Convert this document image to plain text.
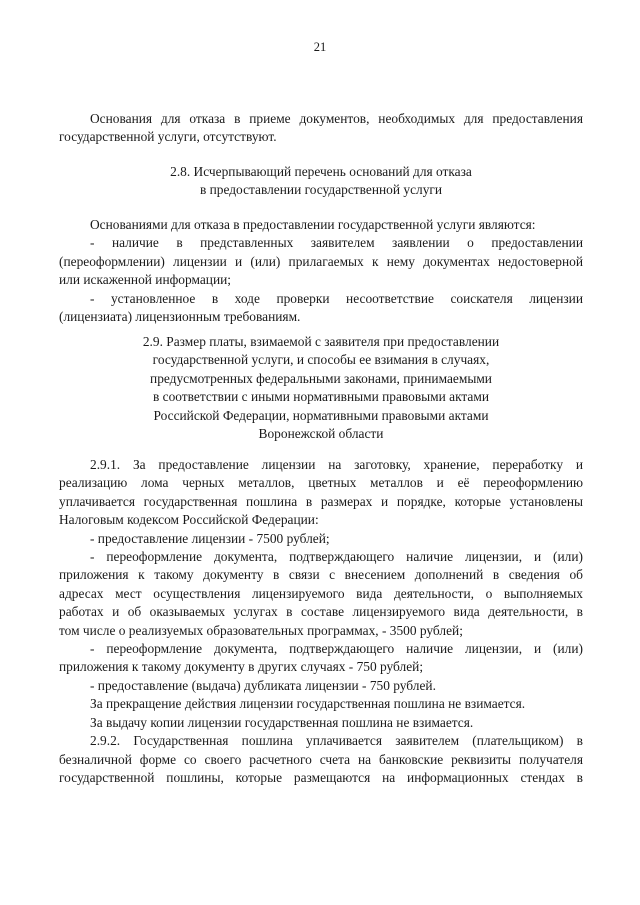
21
Основания для отказа в приеме документов, необходимых для предоставления
государственной услуги, отсутствуют.
2.8. Исчерпывающий перечень оснований для отказа
в предоставлении государственной услуги
Основаниями для отказа в предоставлении государственной услуги являются:
- наличие в представленных заявителем заявлении о предоставлении
(переоформлении) лицензии и (или) прилагаемых к нему документах недостоверной
или искаженной информации;
- установленное в ходе проверки несоответствие соискателя лицензии
(лицензиата) лицензионным требованиям.
2.9. Размер платы, взимаемой с заявителя при предоставлении
государственной услуги, и способы ее взимания в случаях,
предусмотренных федеральными законами, принимаемыми
в соответствии с иными нормативными правовыми актами
Российской Федерации, нормативными правовыми актами
Воронежской области
2.9.1. За предоставление лицензии на заготовку, хранение, переработку и
реализацию лома черных металлов, цветных металлов и её переоформлению
уплачивается государственная пошлина в размерах и порядке, которые установлены
Налоговым кодексом Российской Федерации:
- предоставление лицензии - 7500 рублей;
- переоформление документа, подтверждающего наличие лицензии, и (или)
приложения к такому документу в связи с внесением дополнений в сведения об
адресах мест осуществления лицензируемого вида деятельности, о выполняемых
работах и об оказываемых услугах в составе лицензируемого вида деятельности, в
том числе о реализуемых образовательных программах, - 3500 рублей;
- переоформление документа, подтверждающего наличие лицензии, и (или)
приложения к такому документу в других случаях - 750 рублей;
- предоставление (выдача) дубликата лицензии - 750 рублей.
За прекращение действия лицензии государственная пошлина не взимается.
За выдачу копии лицензии государственная пошлина не взимается.
2.9.2. Государственная пошлина уплачивается заявителем (плательщиком) в
безналичной форме со своего расчетного счета на банковские реквизиты получателя
государственной пошлины, которые размещаются на информационных стендах в
